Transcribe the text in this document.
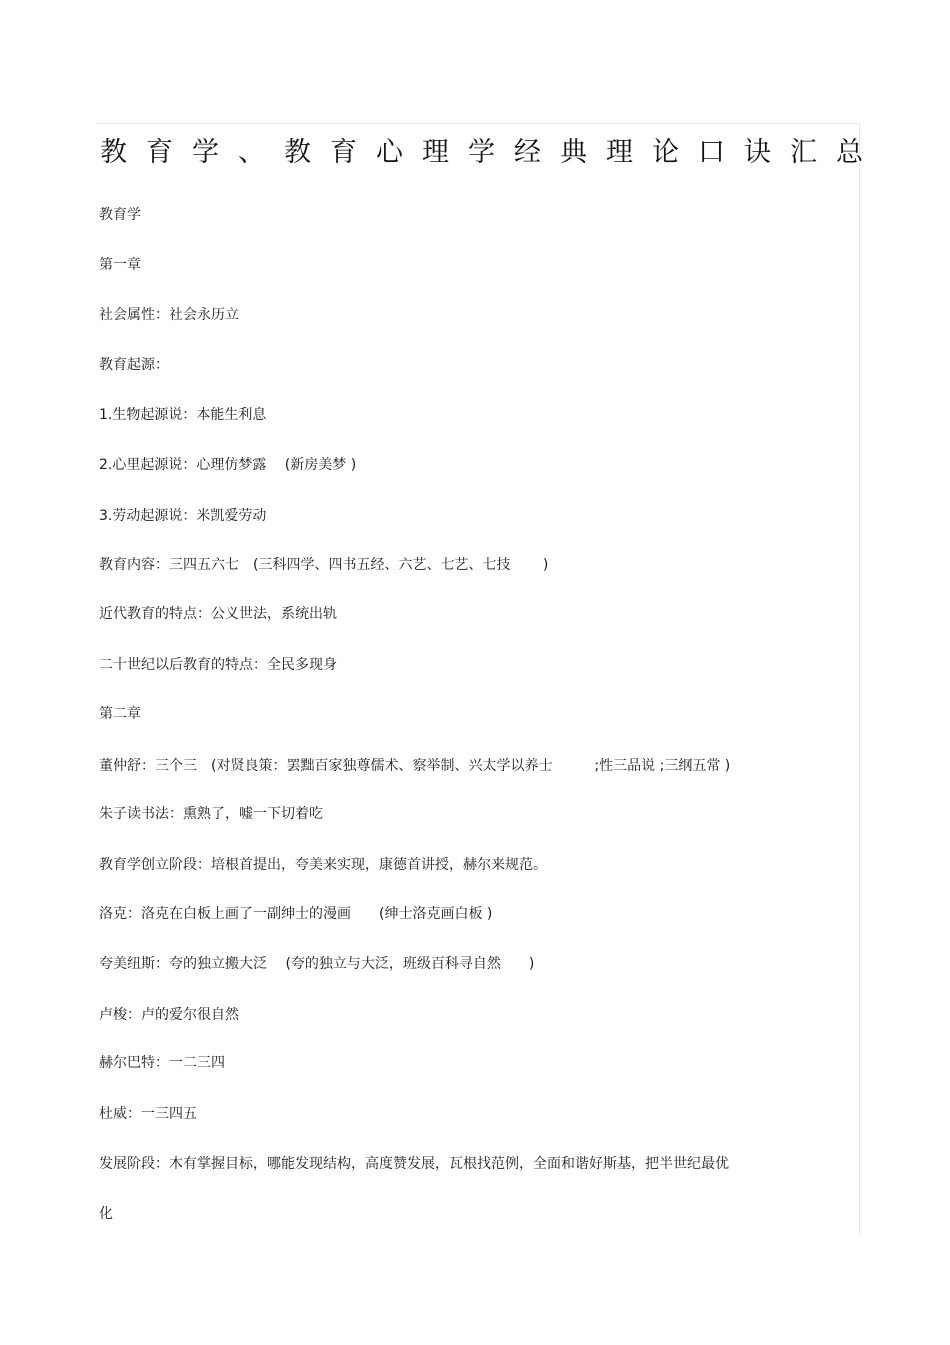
教育学、教育心理学经典理论口诀汇总

教育学

第一章

社会属性：社会永历立

教育起源：

1.生物起源说：本能生利息

2.心里起源说：心理仿梦露　 (新房美梦 )

3.劳动起源说：米凯爱劳动

教育内容：三四五六七　(三科四学、四书五经、六艺、七艺、七技　　 )

近代教育的特点：公义世法，系统出轨

二十世纪以后教育的特点：全民多现身

第二章

董仲舒：三个三　(对贤良策：罢黜百家独尊儒术、察举制、兴太学以养士　　　;性三品说 ;三纲五常 )

朱子读书法：熏熟了，嘘一下切着吃

教育学创立阶段：培根首提出，夸美来实现，康德首讲授，赫尔来规范。

洛克：洛克在白板上画了一副绅士的漫画　　(绅士洛克画白板 )

夸美纽斯：夸的独立搬大泛　 (夸的独立与大泛，班级百科寻自然　　)

卢梭：卢的爱尔很自然

赫尔巴特：一二三四

杜威：一三四五

发展阶段：木有掌握目标，哪能发现结构，高度赞发展，瓦根找范例，全面和谐好斯基，把半世纪最优

化
